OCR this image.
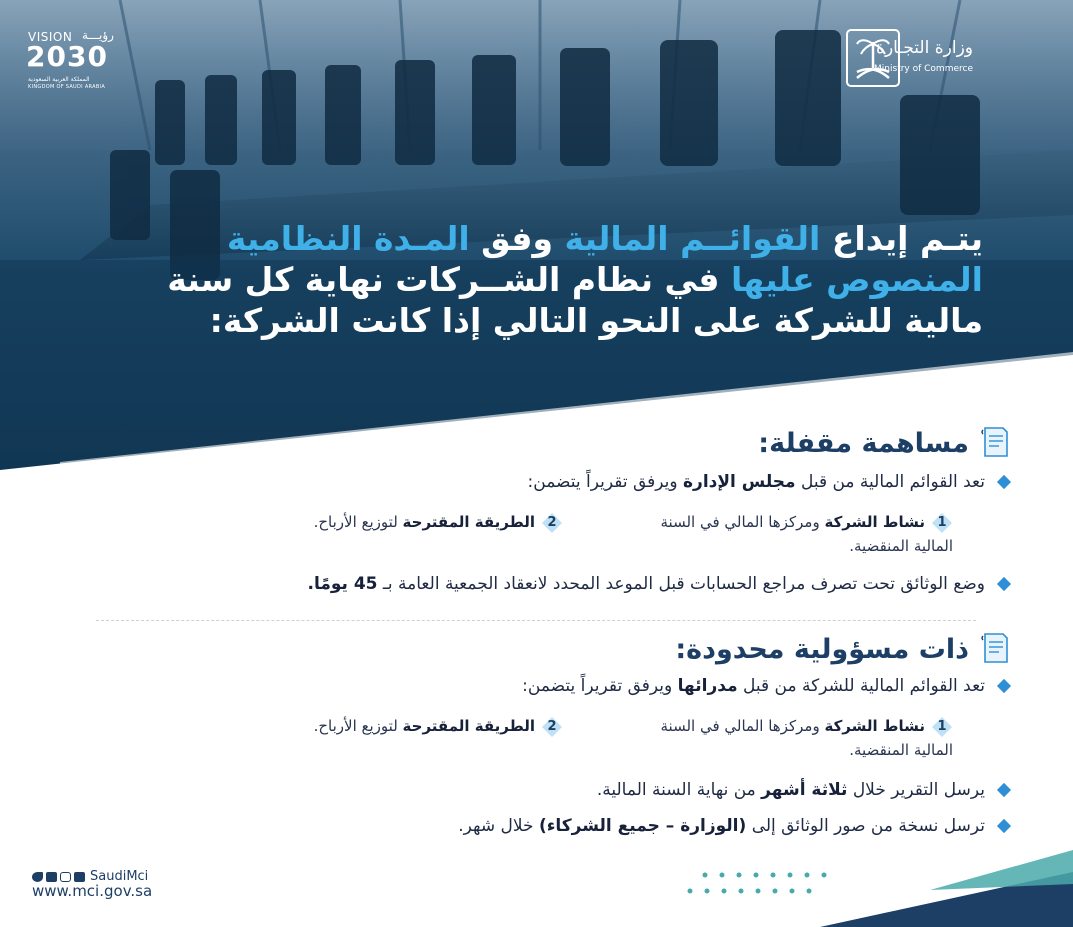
VISION رؤيـــة
2030
المملكة العربية السعودية
KINGDOM OF SAUDI ARABIA
وزارة التجـارة
Ministry of Commerce
يتـم إيداع القوائــم المالية وفق المـدة النظامية المنصوص عليها في نظام الشــركات نهاية كل سنة مالية للشركة على النحو التالي إذا كانت الشركة:
مساهمة مقفلة:
تعد القوائم المالية من قبل مجلس الإدارة ويرفق تقريراً يتضمن:
1
نشاط الشركة ومركزها المالي في السنة المالية المنقضية.
2
الطريقة المقترحة لتوزيع الأرباح.
وضع الوثائق تحت تصرف مراجع الحسابات قبل الموعد المحدد لانعقاد الجمعية العامة بـ 45 يومًا.
ذات مسؤولية محدودة:
تعد القوائم المالية للشركة من قبل مدرائها ويرفق تقريراً يتضمن:
1
نشاط الشركة ومركزها المالي في السنة المالية المنقضية.
2
الطريقة المقترحة لتوزيع الأرباح.
يرسل التقرير خلال ثلاثة أشهر من نهاية السنة المالية.
ترسل نسخة من صور الوثائق إلى (الوزارة – جميع الشركاء) خلال شهر.
SaudiMci
www.mci.gov.sa
